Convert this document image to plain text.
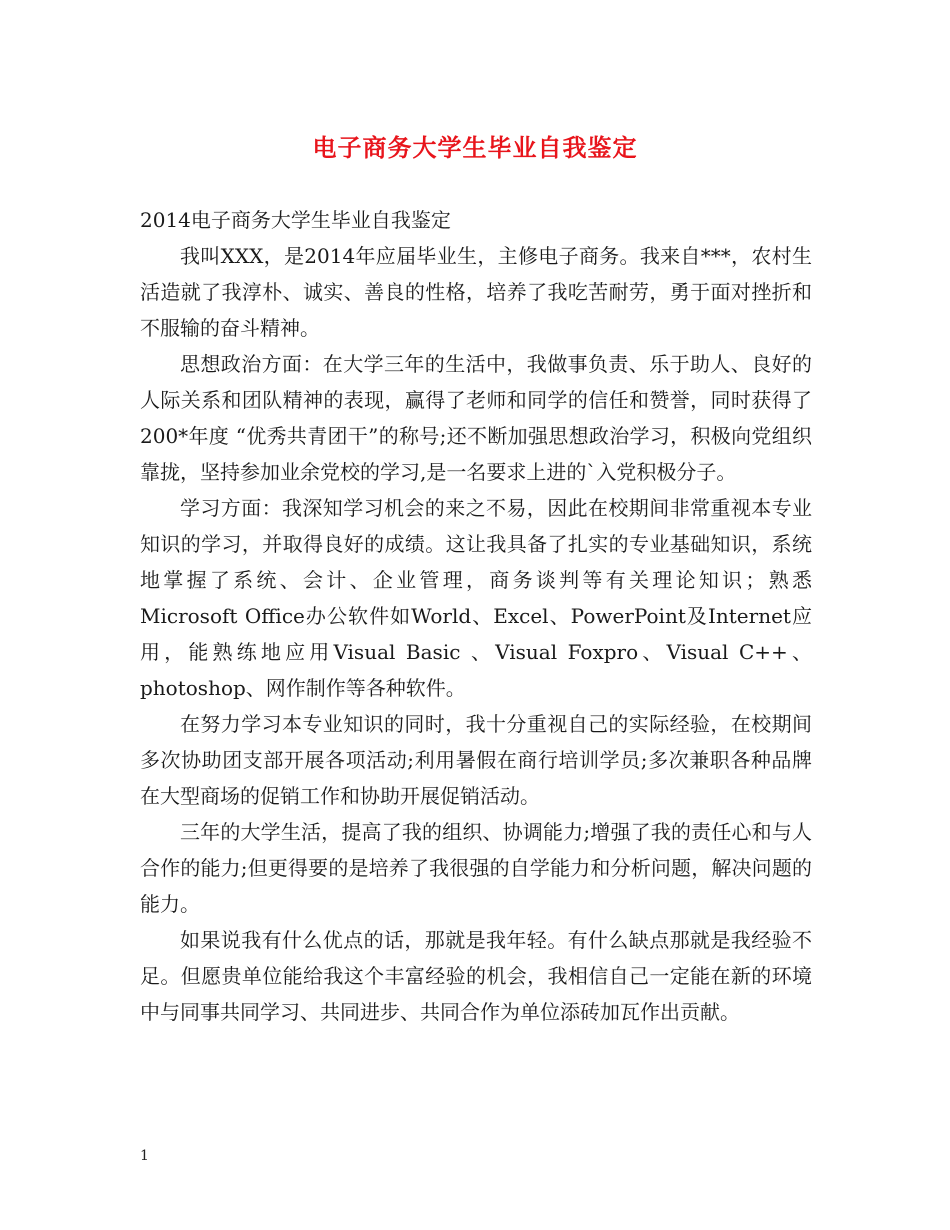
电子商务大学生毕业自我鉴定

2014电子商务大学生毕业自我鉴定

我叫XXX，是2014年应届毕业生，主修电子商务。我来自***，农村生活造就了我淳朴、诚实、善良的性格，培养了我吃苦耐劳，勇于面对挫折和不服输的奋斗精神。

思想政治方面：在大学三年的生活中，我做事负责、乐于助人、良好的人际关系和团队精神的表现，赢得了老师和同学的信任和赞誉，同时获得了200*年度 “优秀共青团干”的称号;还不断加强思想政治学习，积极向党组织靠拢，坚持参加业余党校的学习,是一名要求上进的`入党积极分子。

学习方面：我深知学习机会的来之不易，因此在校期间非常重视本专业知识的学习，并取得良好的成绩。这让我具备了扎实的专业基础知识，系统地掌握了系统、会计、企业管理，商务谈判等有关理论知识；熟悉Microsoft Office办公软件如World、Excel、PowerPoint及Internet应用，能熟练地应用Visual Basic 、Visual Foxpro、Visual C++、photoshop、网作制作等各种软件。

在努力学习本专业知识的同时，我十分重视自己的实际经验，在校期间多次协助团支部开展各项活动;利用暑假在商行培训学员;多次兼职各种品牌在大型商场的促销工作和协助开展促销活动。

三年的大学生活，提高了我的组织、协调能力;增强了我的责任心和与人合作的能力;但更得要的是培养了我很强的自学能力和分析问题，解决问题的能力。

如果说我有什么优点的话，那就是我年轻。有什么缺点那就是我经验不足。但愿贵单位能给我这个丰富经验的机会，我相信自己一定能在新的环境中与同事共同学习、共同进步、共同合作为单位添砖加瓦作出贡献。

1
